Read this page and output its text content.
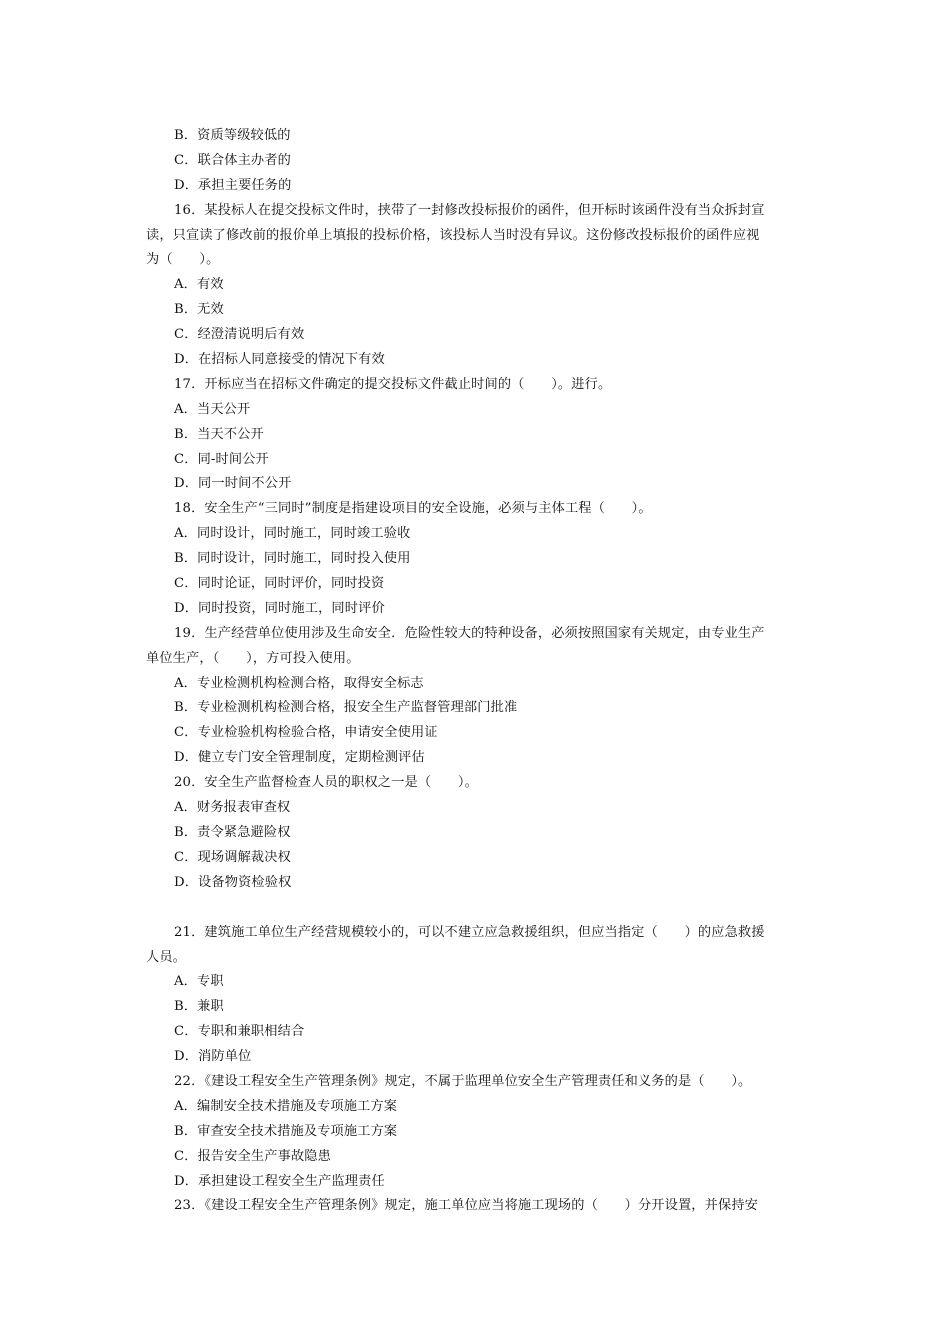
B．资质等级较低的
C．联合体主办者的
D．承担主要任务的
16．某投标人在提交投标文件时，挟带了一封修改投标报价的函件，但开标时该函件没有当众拆封宣
读，只宣读了修改前的报价单上填报的投标价格，该投标人当时没有异议。这份修改投标报价的函件应视
为（　　）。
A．有效
B．无效
C．经澄清说明后有效
D．在招标人同意接受的情况下有效
17．开标应当在招标文件确定的提交投标文件截止时间的（　　）。进行。
A．当天公开
B．当天不公开
C．同-时间公开
D．同一时间不公开
18．安全生产“三同时”制度是指建设项目的安全设施，必须与主体工程（　　）。
A．同时设计，同时施工，同时竣工验收
B．同时设计，同时施工，同时投入使用
C．同时论证，同时评价，同时投资
D．同时投资，同时施工，同时评价
19．生产经营单位使用涉及生命安全．危险性较大的特种设备，必须按照国家有关规定，由专业生产
单位生产，（　　），方可投入使用。
A．专业检测机构检测合格，取得安全标志
B．专业检测机构检测合格，报安全生产监督管理部门批准
C．专业检验机构检验合格，申请安全使用证
D．健立专门安全管理制度，定期检测评估
20．安全生产监督检查人员的职权之一是（　　）。
A．财务报表审查权
B．责令紧急避险权
C．现场调解裁决权
D．设备物资检验权
21．建筑施工单位生产经营规模较小的，可以不建立应急救援组织，但应当指定（　　）的应急救援
人员。
A．专职
B．兼职
C．专职和兼职相结合
D．消防单位
22．《建设工程安全生产管理条例》规定，不属于监理单位安全生产管理责任和义务的是（　　）。
A．编制安全技术措施及专项施工方案
B．审查安全技术措施及专项施工方案
C．报告安全生产事故隐患
D．承担建设工程安全生产监理责任
23．《建设工程安全生产管理条例》规定，施工单位应当将施工现场的（　　）分开设置，并保持安
